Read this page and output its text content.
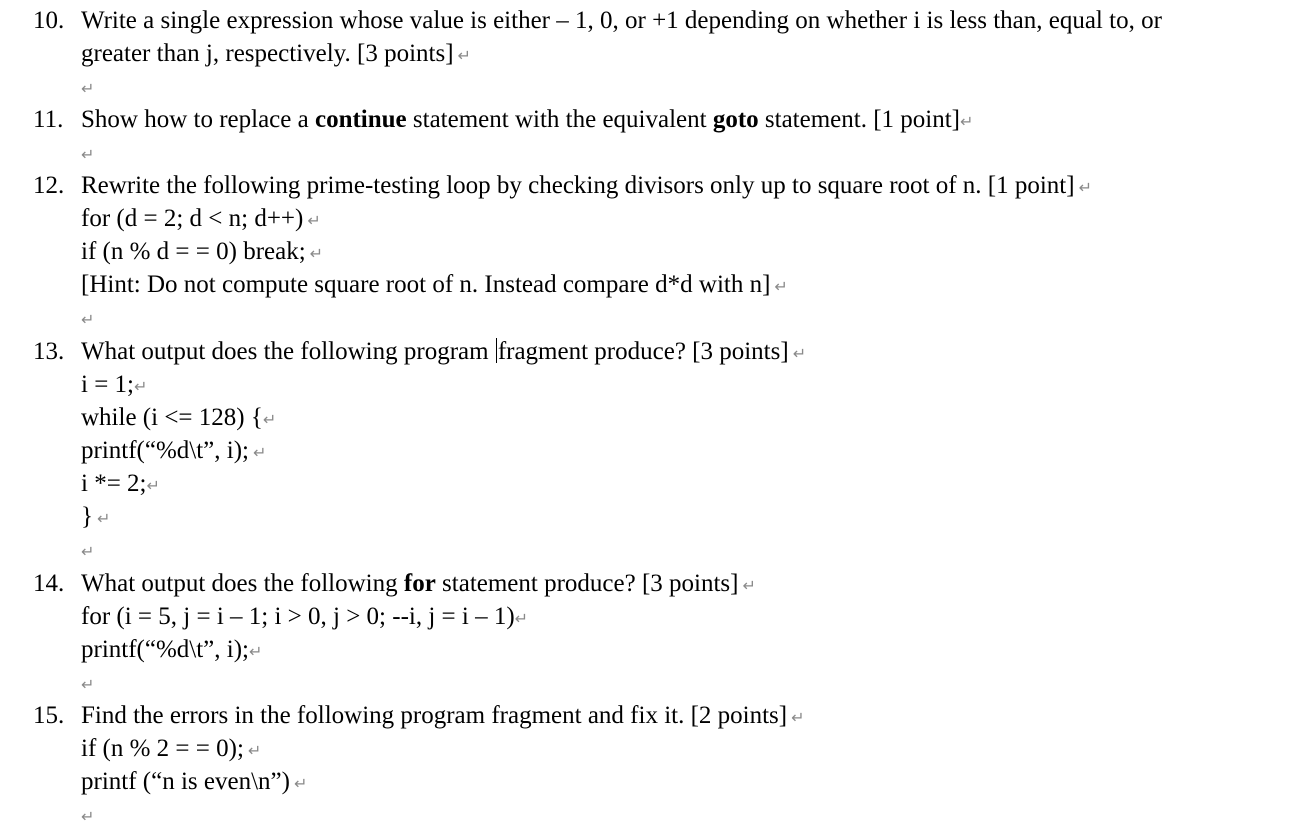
10. Write a single expression whose value is either – 1, 0, or +1 depending on whether i is less than, equal to, or
greater than j, respectively. [3 points] ↵
↵
11. Show how to replace a continue statement with the equivalent goto statement. [1 point]↵
↵
12. Rewrite the following prime-testing loop by checking divisors only up to square root of n. [1 point] ↵
for (d = 2; d < n; d++) ↵
if (n % d = = 0) break; ↵
[Hint: Do not compute square root of n. Instead compare d*d with n] ↵
↵
13. What output does the following program fragment produce? [3 points] ↵
i = 1;↵
while (i <= 128) {↵
printf(“%d\t”, i); ↵
i *= 2;↵
} ↵
↵
14. What output does the following for statement produce? [3 points] ↵
for (i = 5, j = i – 1; i > 0, j > 0; --i, j = i – 1)↵
printf(“%d\t”, i);↵
↵
15. Find the errors in the following program fragment and fix it. [2 points] ↵
if (n % 2 = = 0); ↵
printf (“n is even\n”) ↵
↵
